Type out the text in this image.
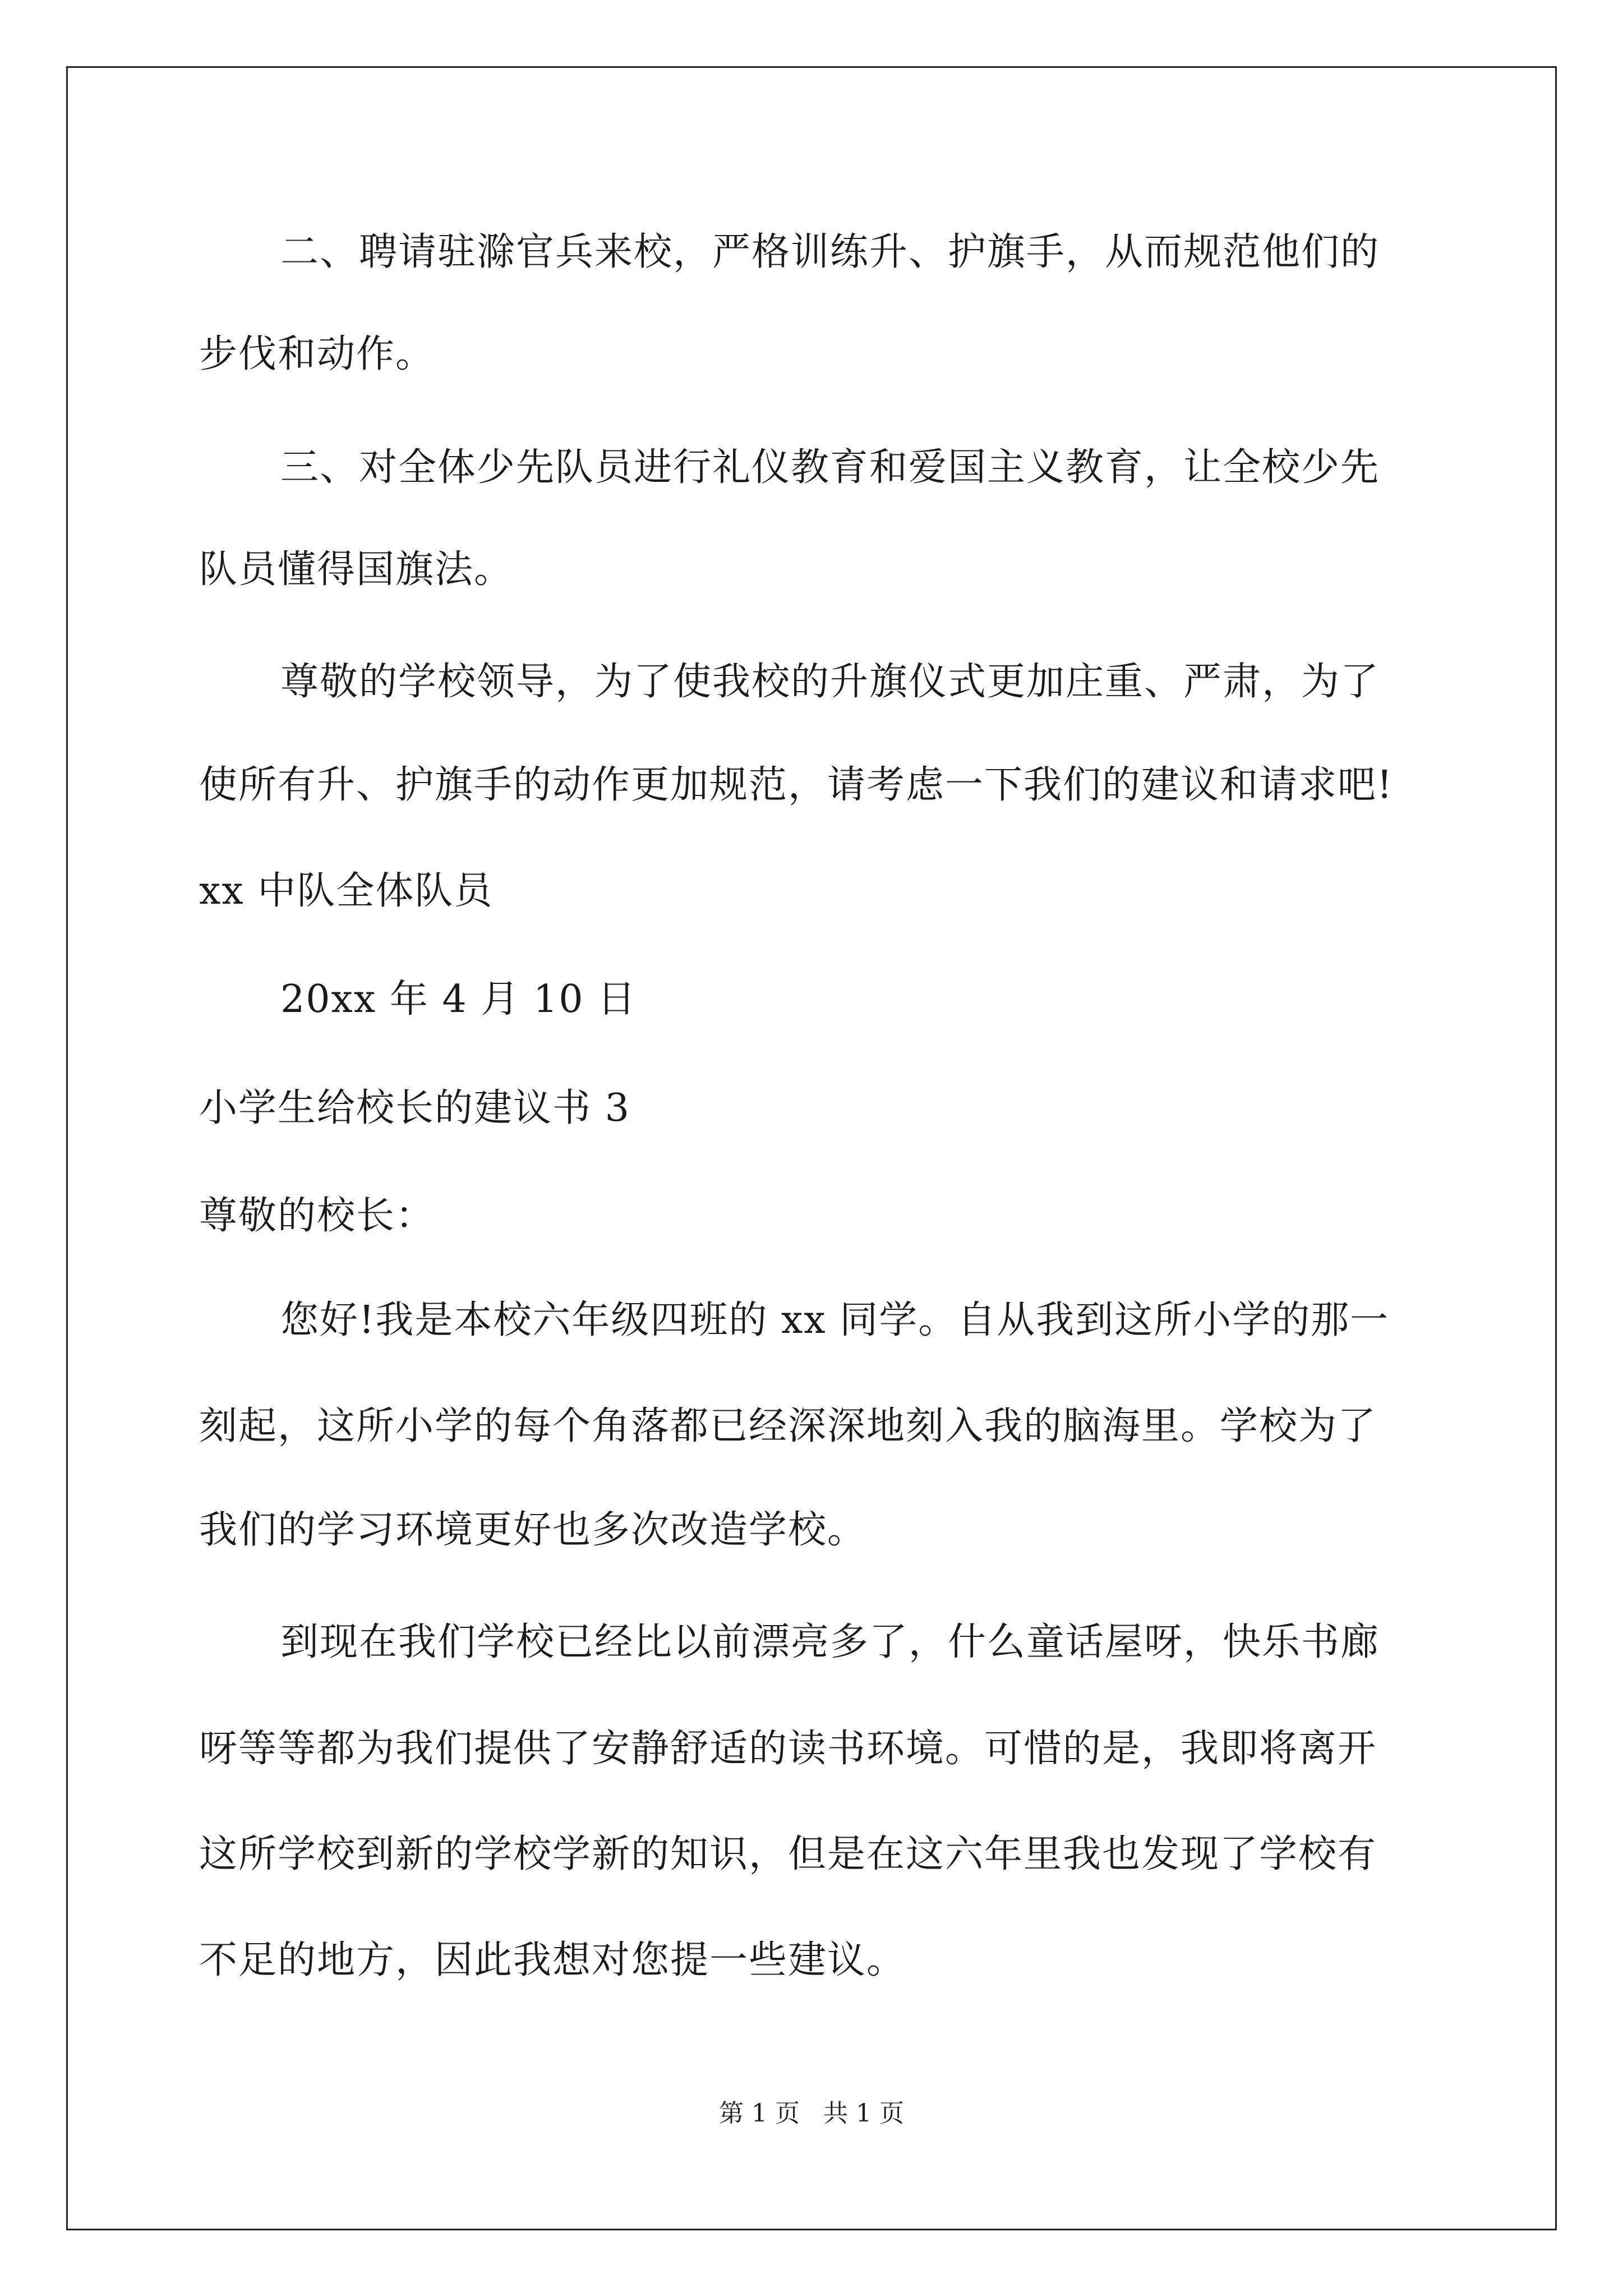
二、聘请驻滁官兵来校，严格训练升、护旗手，从而规范他们的
步伐和动作。
三、对全体少先队员进行礼仪教育和爱国主义教育，让全校少先
队员懂得国旗法。
尊敬的学校领导，为了使我校的升旗仪式更加庄重、严肃，为了
使所有升、护旗手的动作更加规范，请考虑一下我们的建议和请求吧!
xx 中队全体队员
20xx 年 4 月 10 日
小学生给校长的建议书 3
尊敬的校长：
您好!我是本校六年级四班的 xx 同学。自从我到这所小学的那一
刻起，这所小学的每个角落都已经深深地刻入我的脑海里。学校为了
我们的学习环境更好也多次改造学校。
到现在我们学校已经比以前漂亮多了，什么童话屋呀，快乐书廊
呀等等都为我们提供了安静舒适的读书环境。可惜的是，我即将离开
这所学校到新的学校学新的知识，但是在这六年里我也发现了学校有
不足的地方，因此我想对您提一些建议。
第 1 页 共 1 页
